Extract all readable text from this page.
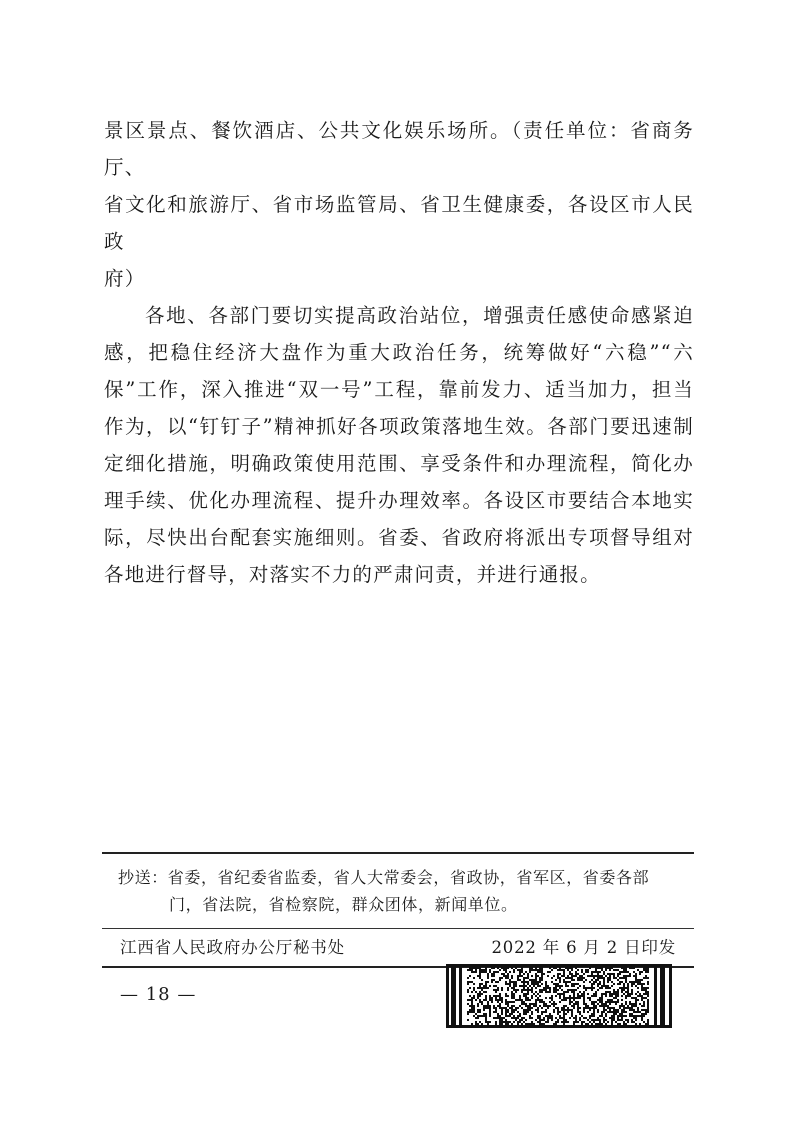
景区景点、餐饮酒店、公共文化娱乐场所。（责任单位：省商务厅、
省文化和旅游厅、省市场监管局、省卫生健康委，各设区市人民政
府）

各地、各部门要切实提高政治站位，增强责任感使命感紧迫感，把稳住经济大盘作为重大政治任务，统筹做好“六稳”“六保”工作，深入推进“双一号”工程，靠前发力、适当加力，担当作为，以“钉钉子”精神抓好各项政策落地生效。各部门要迅速制定细化措施，明确政策使用范围、享受条件和办理流程，简化办理手续、优化办理流程、提升办理效率。各设区市要结合本地实际，尽快出台配套实施细则。省委、省政府将派出专项督导组对各地进行督导，对落实不力的严肃问责，并进行通报。

抄送：省委，省纪委省监委，省人大常委会，省政协，省军区，省委各部
门，省法院，省检察院，群众团体，新闻单位。
江西省人民政府办公厅秘书处	2022 年 6 月 2 日印发
— 18 —
